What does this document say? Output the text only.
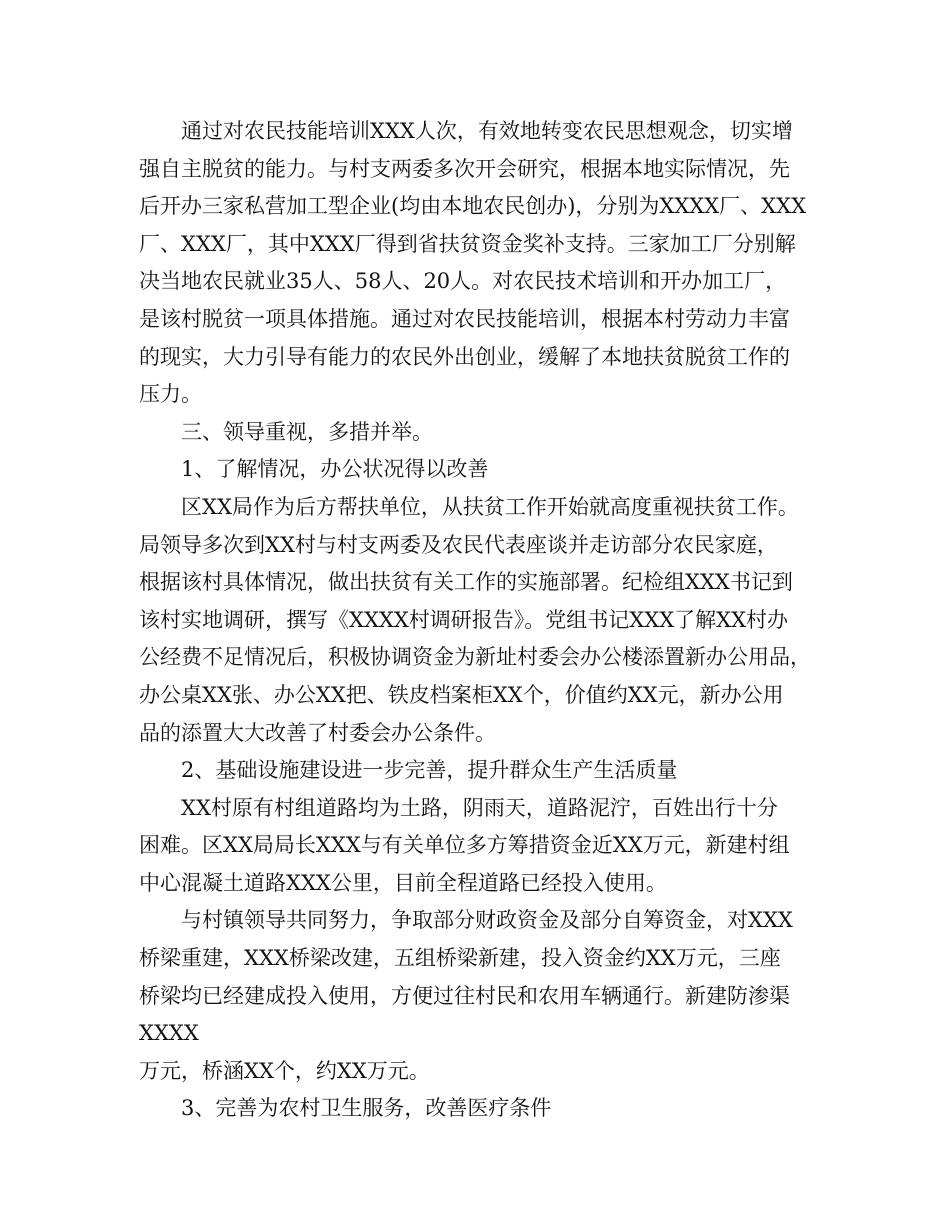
通过对农民技能培训XXX人次，有效地转变农民思想观念，切实增
强自主脱贫的能力。与村支两委多次开会研究，根据本地实际情况，先
后开办三家私营加工型企业(均由本地农民创办)，分别为XXXX厂、XXX
厂、XXX厂，其中XXX厂得到省扶贫资金奖补支持。三家加工厂分别解
决当地农民就业35人、58人、20人。对农民技术培训和开办加工厂，
是该村脱贫一项具体措施。通过对农民技能培训，根据本村劳动力丰富
的现实，大力引导有能力的农民外出创业，缓解了本地扶贫脱贫工作的
压力。
三、领导重视，多措并举。
1、了解情况，办公状况得以改善
区XX局作为后方帮扶单位，从扶贫工作开始就高度重视扶贫工作。
局领导多次到XX村与村支两委及农民代表座谈并走访部分农民家庭，
根据该村具体情况，做出扶贫有关工作的实施部署。纪检组XXX书记到
该村实地调研，撰写《XXXX村调研报告》。党组书记XXX了解XX村办
公经费不足情况后，积极协调资金为新址村委会办公楼添置新办公用品，
办公桌XX张、办公XX把、铁皮档案柜XX个，价值约XX元，新办公用
品的添置大大改善了村委会办公条件。
2、基础设施建设进一步完善，提升群众生产生活质量
XX村原有村组道路均为土路，阴雨天，道路泥泞，百姓出行十分
困难。区XX局局长XXX与有关单位多方筹措资金近XX万元，新建村组
中心混凝土道路XXX公里，目前全程道路已经投入使用。
与村镇领导共同努力，争取部分财政资金及部分自筹资金，对XXX
桥梁重建，XXX桥梁改建，五组桥梁新建，投入资金约XX万元，三座
桥梁均已经建成投入使用，方便过往村民和农用车辆通行。新建防渗渠
XXXX
万元，桥涵XX个，约XX万元。
3、完善为农村卫生服务，改善医疗条件
